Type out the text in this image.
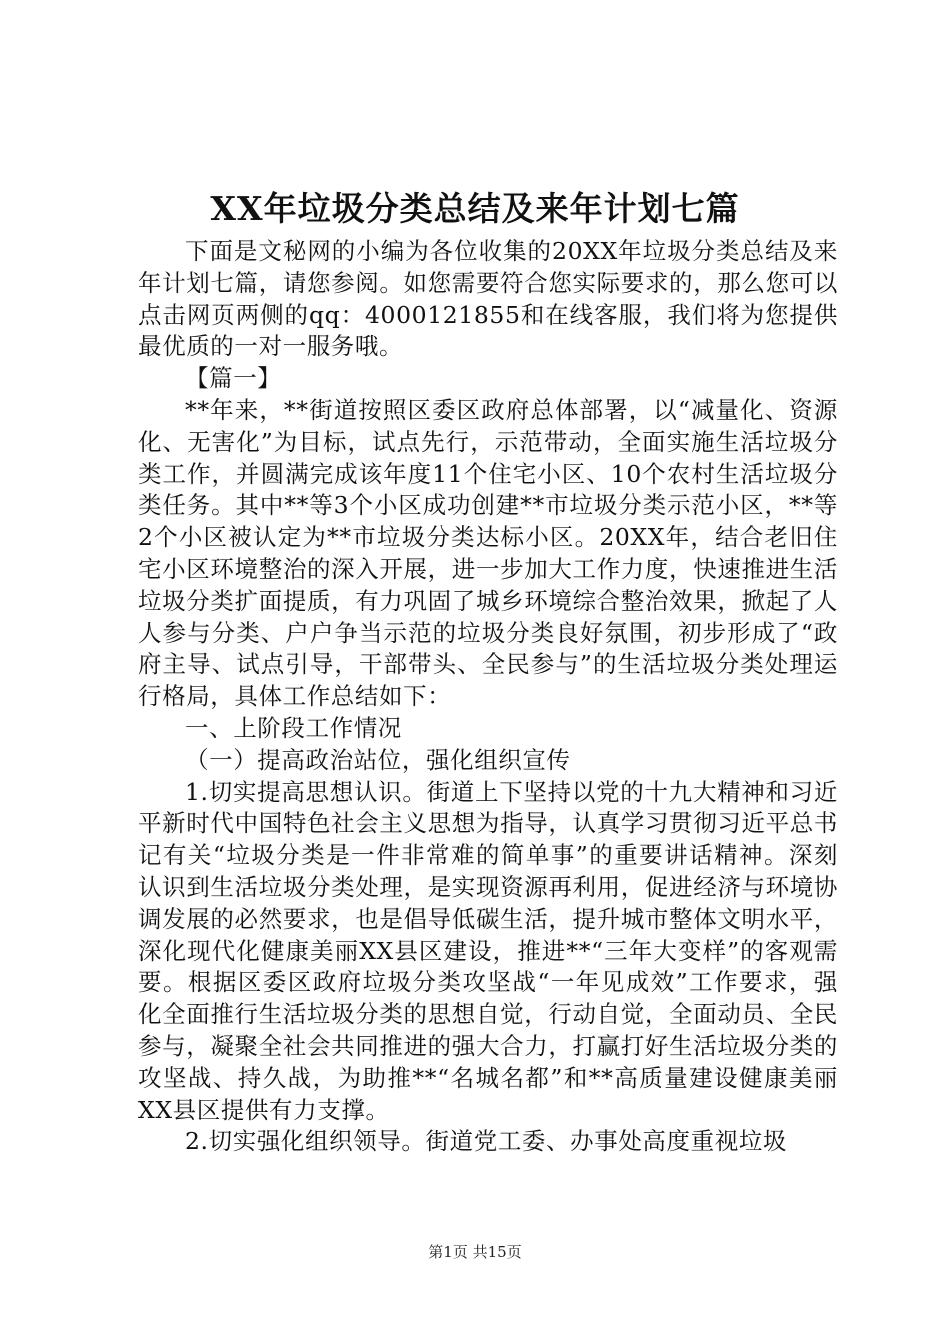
XX年垃圾分类总结及来年计划七篇

下面是文秘网的小编为各位收集的20XX年垃圾分类总结及来年计划七篇，请您参阅。如您需要符合您实际要求的，那么您可以点击网页两侧的qq：4000121855和在线客服，我们将为您提供最优质的一对一服务哦。

【篇一】

**年来，**街道按照区委区政府总体部署，以“减量化、资源化、无害化”为目标，试点先行，示范带动，全面实施生活垃圾分类工作，并圆满完成该年度11个住宅小区、10个农村生活垃圾分类任务。其中**等3个小区成功创建**市垃圾分类示范小区，**等2个小区被认定为**市垃圾分类达标小区。20XX年，结合老旧住宅小区环境整治的深入开展，进一步加大工作力度，快速推进生活垃圾分类扩面提质，有力巩固了城乡环境综合整治效果，掀起了人人参与分类、户户争当示范的垃圾分类良好氛围，初步形成了“政府主导、试点引导，干部带头、全民参与”的生活垃圾分类处理运行格局，具体工作总结如下：

一、上阶段工作情况

（一）提高政治站位，强化组织宣传

1.切实提高思想认识。街道上下坚持以党的十九大精神和习近平新时代中国特色社会主义思想为指导，认真学习贯彻习近平总书记有关“垃圾分类是一件非常难的简单事”的重要讲话精神。深刻认识到生活垃圾分类处理，是实现资源再利用，促进经济与环境协调发展的必然要求，也是倡导低碳生活，提升城市整体文明水平，深化现代化健康美丽XX县区建设，推进**“三年大变样”的客观需要。根据区委区政府垃圾分类攻坚战“一年见成效”工作要求，强化全面推行生活垃圾分类的思想自觉，行动自觉，全面动员、全民参与，凝聚全社会共同推进的强大合力，打赢打好生活垃圾分类的攻坚战、持久战，为助推**“名城名都”和**高质量建设健康美丽XX县区提供有力支撑。

2.切实强化组织领导。街道党工委、办事处高度重视垃圾

第1页 共15页
